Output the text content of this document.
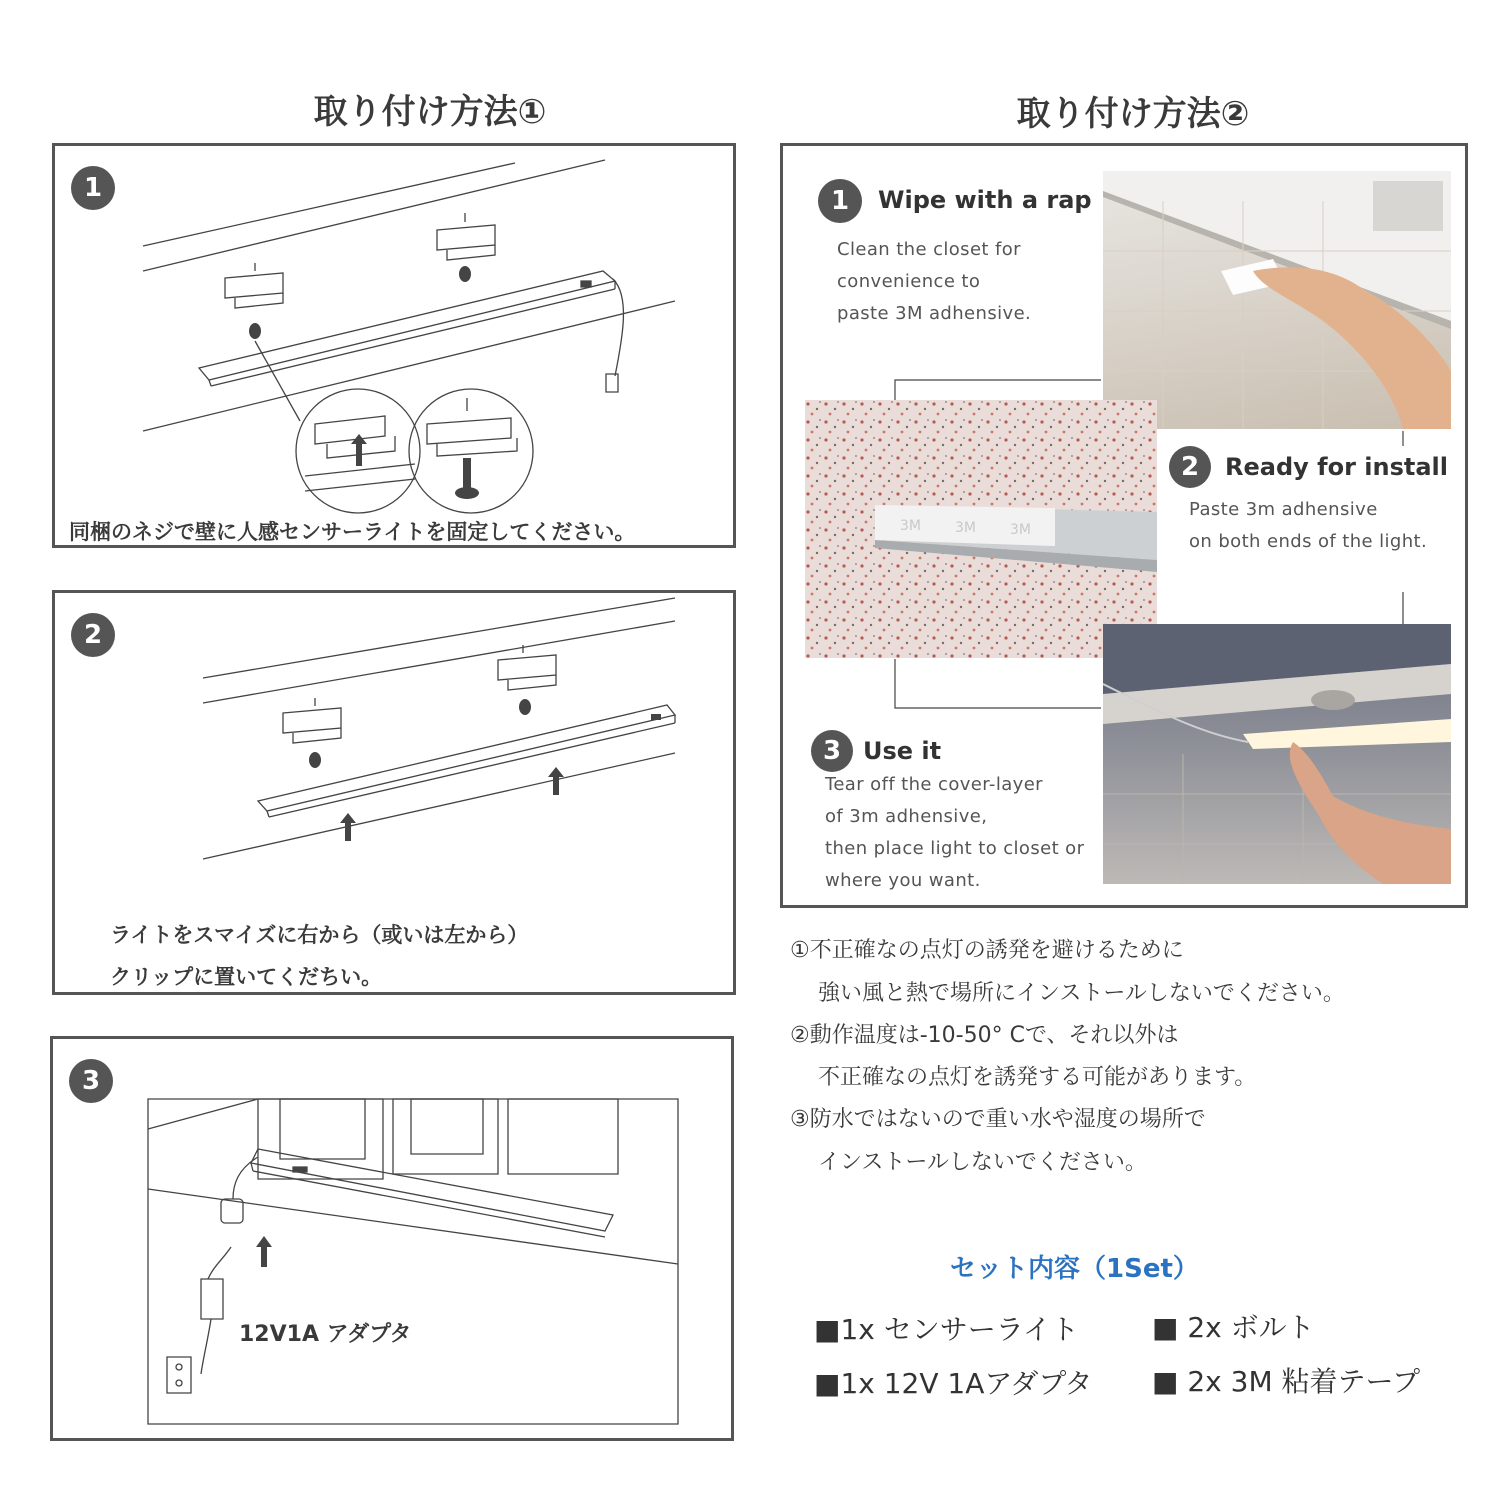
取り付け方法①
1
同梱のネジで壁に人感センサーライトを固定してください。
2
ライトをスマイズに右から（或いは左から）
クリップに置いてくだちい。
3
12V1A アダプタ
取り付け方法②
1	Wipe with a rap
Clean the closet for
convenience to
paste 3M adhensive.
3M 3M 3M
2	Ready for install
Paste 3m adhensive
on both ends of the light.
3 Use it
Tear off the cover-layer
of 3m adhensive,
then place light to closet or
where you want.
①不正確なの点灯の誘発を避けるために
強い風と熱で場所にインストールしないでください。
②動作温度は-10-50° Cで、それ以外は
不正確なの点灯を誘発する可能があります。
③防水ではないので重い水や湿度の場所で
インストールしないでください。
セット内容（1Set）
■1x センサーライト	■ 2x ボルト
■1x 12V 1Aアダプタ ■ 2x 3M 粘着テープ
